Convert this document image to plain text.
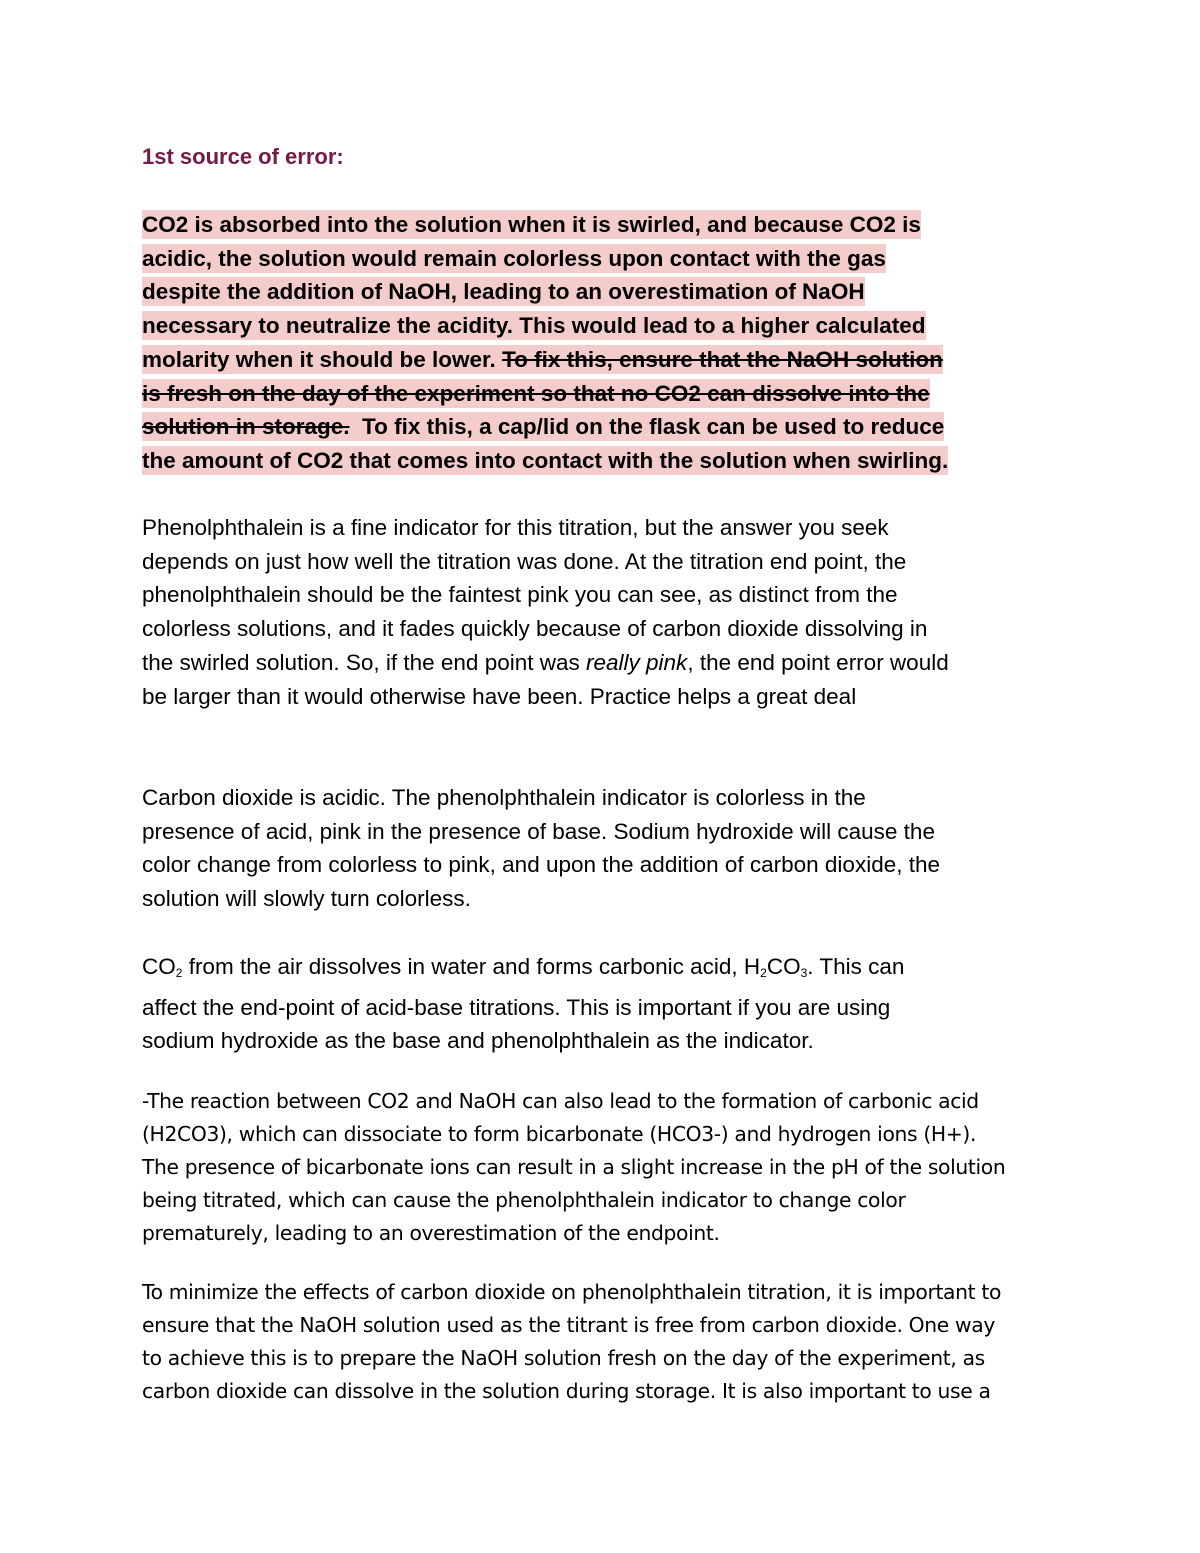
1st source of error:
CO2 is absorbed into the solution when it is swirled, and because CO2 is
acidic, the solution would remain colorless upon contact with the gas
despite the addition of NaOH, leading to an overestimation of NaOH
necessary to neutralize the acidity. This would lead to a higher calculated
molarity when it should be lower. To fix this, ensure that the NaOH solution
is fresh on the day of the experiment so that no CO2 can dissolve into the
solution in storage.  To fix this, a cap/lid on the flask can be used to reduce
the amount of CO2 that comes into contact with the solution when swirling.
Phenolphthalein is a fine indicator for this titration, but the answer you seek
depends on just how well the titration was done. At the titration end point, the
phenolphthalein should be the faintest pink you can see, as distinct from the
colorless solutions, and it fades quickly because of carbon dioxide dissolving in
the swirled solution. So, if the end point was really pink, the end point error would
be larger than it would otherwise have been. Practice helps a great deal
Carbon dioxide is acidic. The phenolphthalein indicator is colorless in the
presence of acid, pink in the presence of base. Sodium hydroxide will cause the
color change from colorless to pink, and upon the addition of carbon dioxide, the
solution will slowly turn colorless.
$CO_2$ from the air dissolves in water and forms carbonic acid, $H_2CO_3$. This can
affect the end-point of acid-base titrations. This is important if you are using
sodium hydroxide as the base and phenolphthalein as the indicator.
-The reaction between CO2 and NaOH can also lead to the formation of carbonic acid
(H2CO3), which can dissociate to form bicarbonate (HCO3-) and hydrogen ions (H+).
The presence of bicarbonate ions can result in a slight increase in the pH of the solution
being titrated, which can cause the phenolphthalein indicator to change color
prematurely, leading to an overestimation of the endpoint.
To minimize the effects of carbon dioxide on phenolphthalein titration, it is important to
ensure that the NaOH solution used as the titrant is free from carbon dioxide. One way
to achieve this is to prepare the NaOH solution fresh on the day of the experiment, as
carbon dioxide can dissolve in the solution during storage. It is also important to use a
